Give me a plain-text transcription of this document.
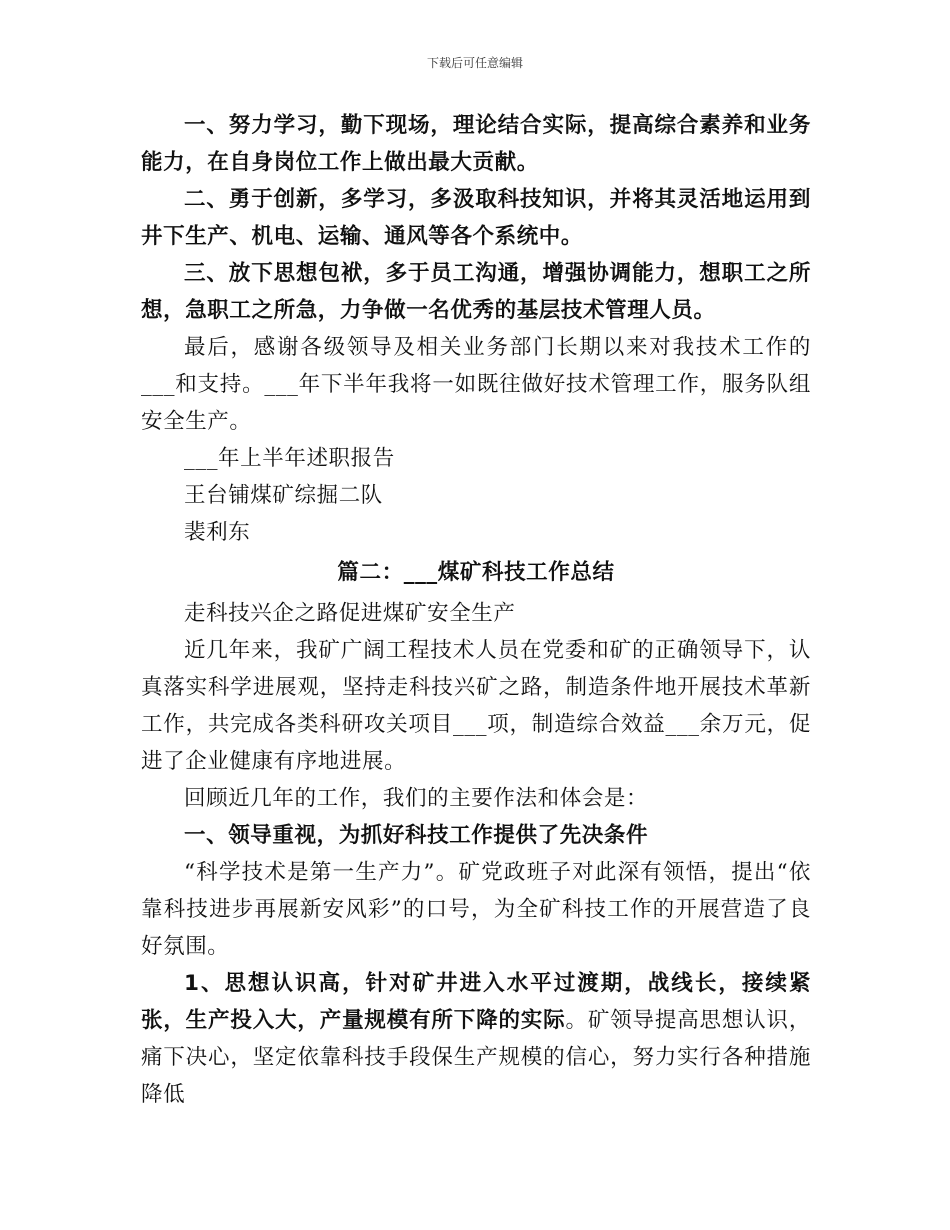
下载后可任意编辑

一、努力学习，勤下现场，理论结合实际，提高综合素养和业务能力，在自身岗位工作上做出最大贡献。

二、勇于创新，多学习，多汲取科技知识，并将其灵活地运用到井下生产、机电、运输、通风等各个系统中。

三、放下思想包袱，多于员工沟通，增强协调能力，想职工之所想，急职工之所急，力争做一名优秀的基层技术管理人员。

最后，感谢各级领导及相关业务部门长期以来对我技术工作的___和支持。___年下半年我将一如既往做好技术管理工作，服务队组安全生产。

___年上半年述职报告

王台铺煤矿综掘二队

裴利东

篇二：___煤矿科技工作总结

走科技兴企之路促进煤矿安全生产

近几年来，我矿广阔工程技术人员在党委和矿的正确领导下，认真落实科学进展观，坚持走科技兴矿之路，制造条件地开展技术革新工作，共完成各类科研攻关项目___项，制造综合效益___余万元，促进了企业健康有序地进展。

回顾近几年的工作，我们的主要作法和体会是：

一、领导重视，为抓好科技工作提供了先决条件

“科学技术是第一生产力”。矿党政班子对此深有领悟，提出“依靠科技进步再展新安风彩”的口号，为全矿科技工作的开展营造了良好氛围。

1、思想认识高，针对矿井进入水平过渡期，战线长，接续紧张，生产投入大，产量规模有所下降的实际。矿领导提高思想认识，痛下决心，坚定依靠科技手段保生产规模的信心，努力实行各种措施降低
